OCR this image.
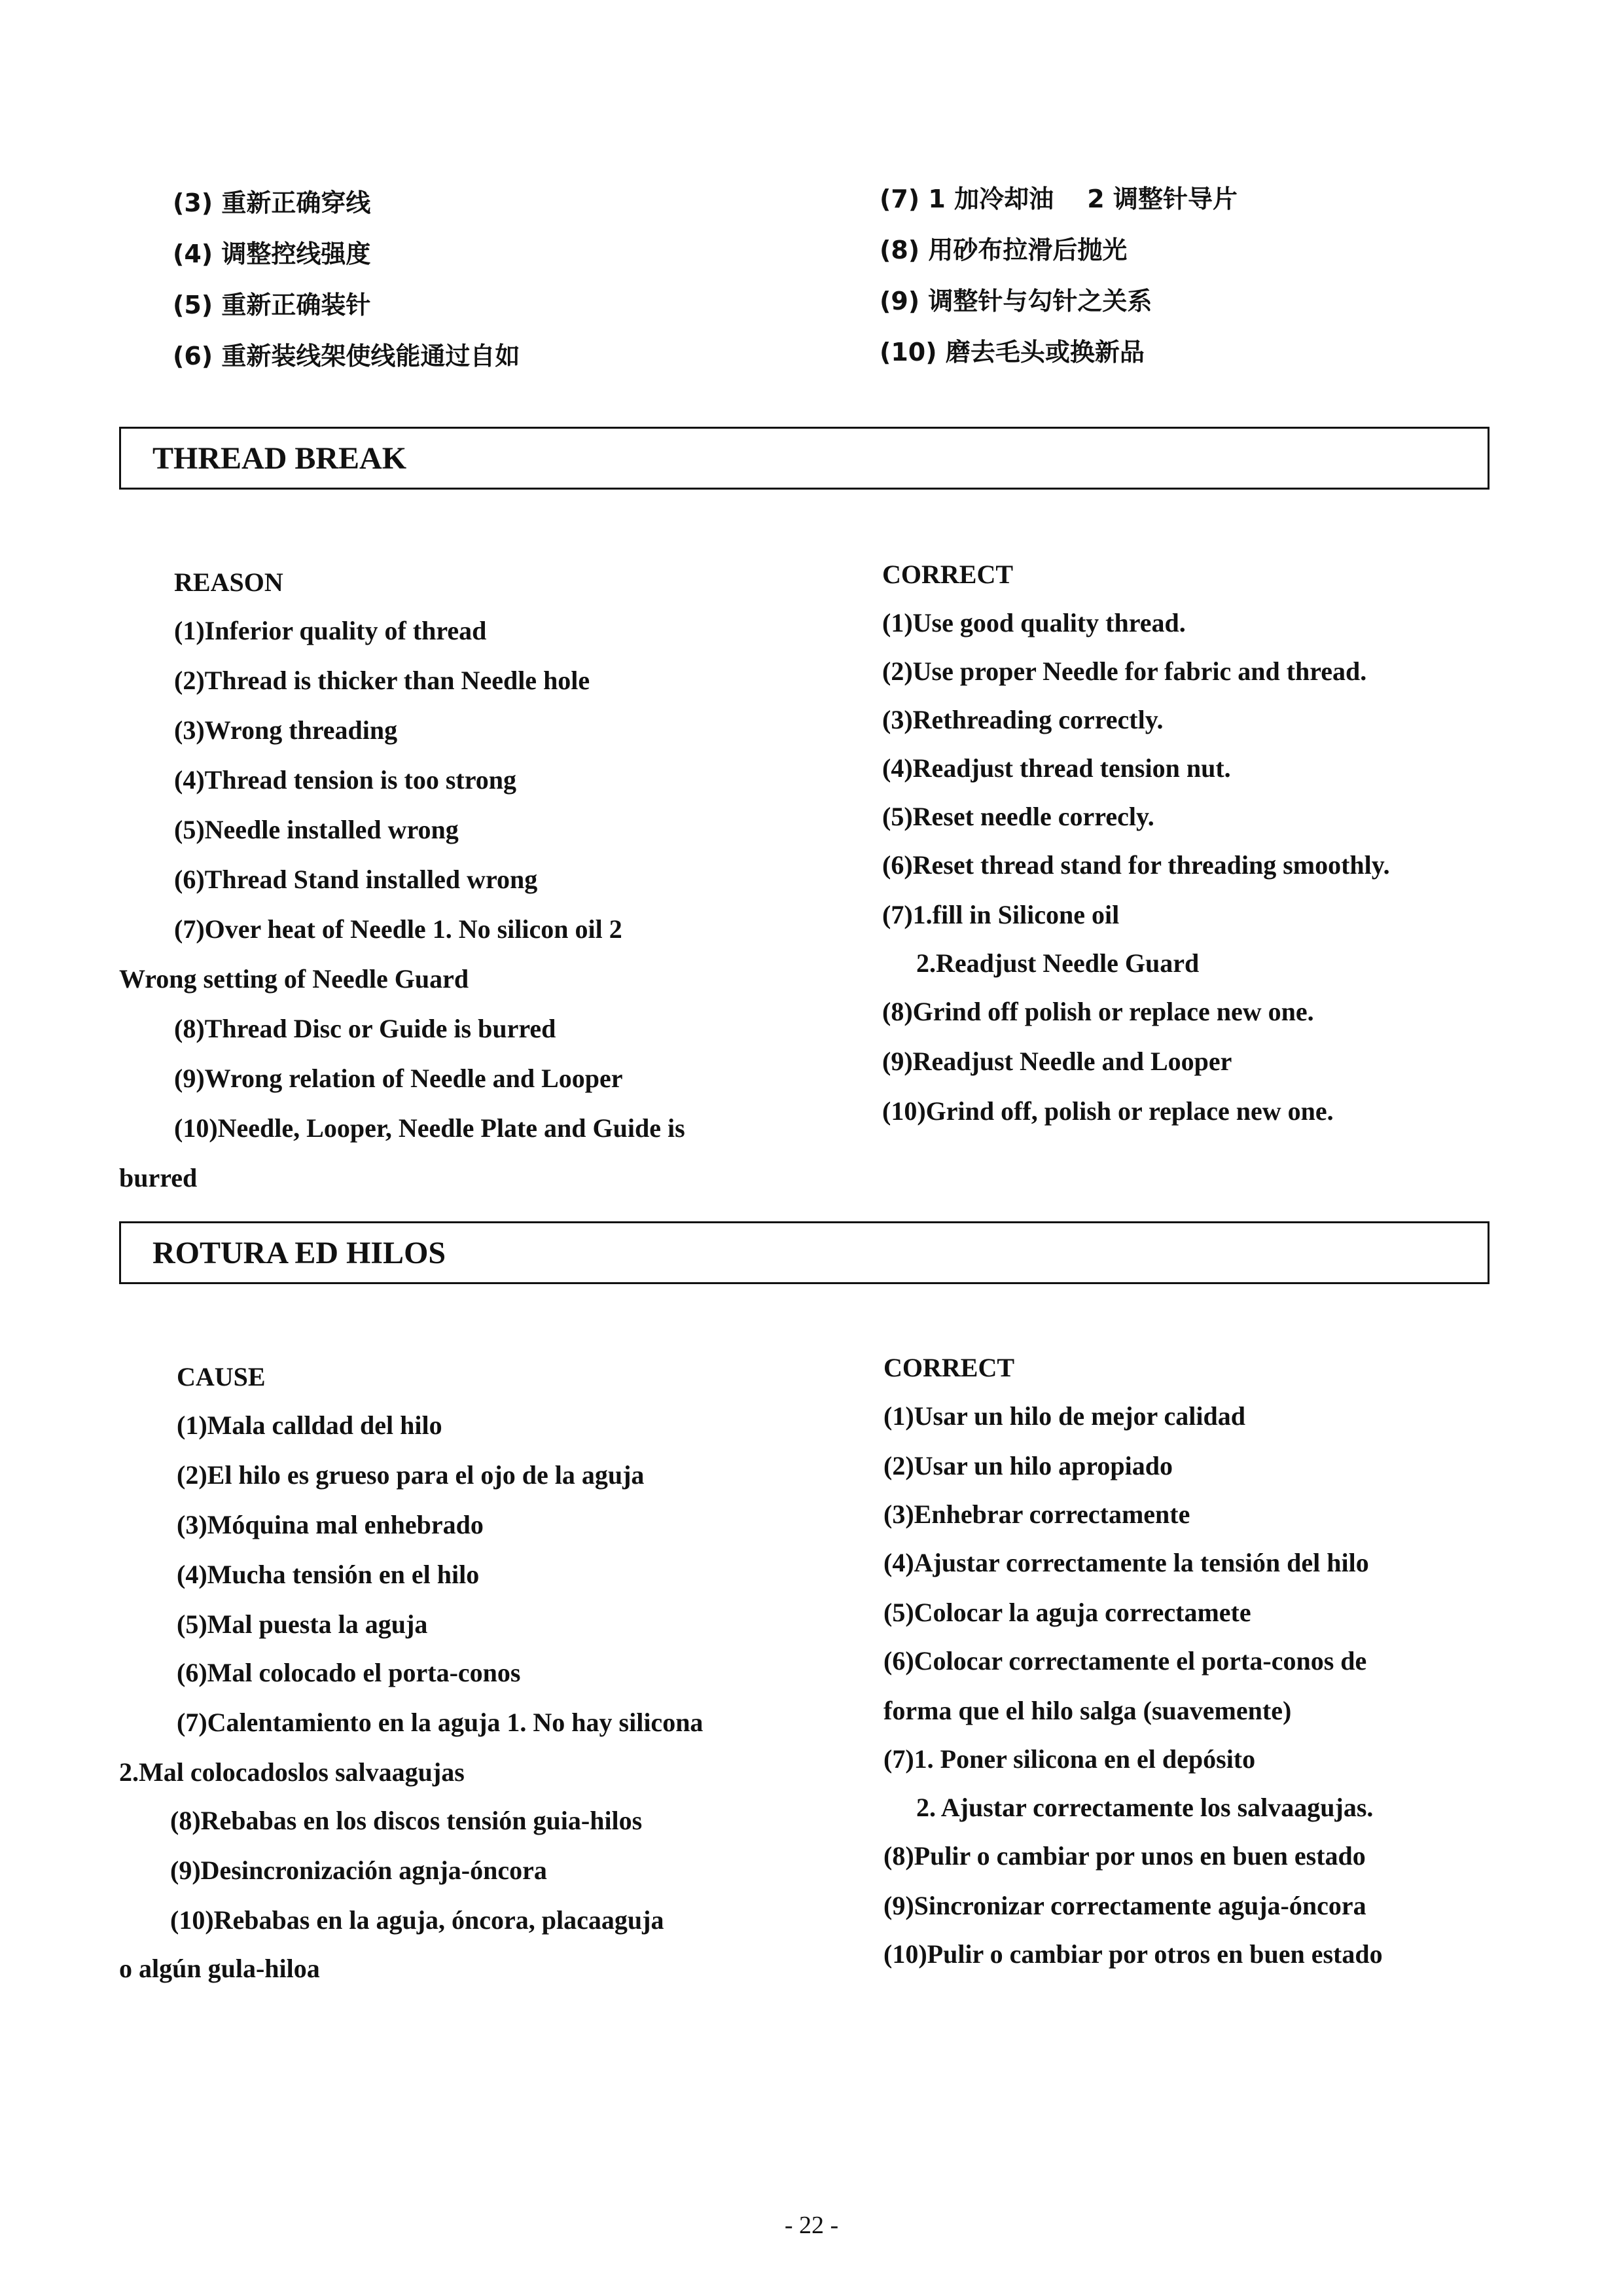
(3) 重新正确穿线
(4) 调整控线强度
(5) 重新正确装针
(6) 重新装线架使线能通过自如
(7) 1 加冷却油　 2 调整针导片
(8) 用砂布拉滑后抛光
(9) 调整针与勾针之关系
(10) 磨去毛头或换新品
THREAD BREAK
REASON
(1)Inferior quality of thread
(2)Thread is thicker than Needle hole
(3)Wrong threading
(4)Thread tension is too strong
(5)Needle installed wrong
(6)Thread Stand installed wrong
(7)Over heat of Needle 1. No silicon oil 2
Wrong setting of Needle Guard
(8)Thread Disc or Guide is burred
(9)Wrong relation of Needle and Looper
(10)Needle, Looper, Needle Plate and Guide is
burred
CORRECT
(1)Use good quality thread.
(2)Use proper Needle for fabric and thread.
(3)Rethreading correctly.
(4)Readjust thread tension nut.
(5)Reset needle correcly.
(6)Reset thread stand for threading smoothly.
(7)1.fill in Silicone oil
2.Readjust Needle Guard
(8)Grind off polish or replace new one.
(9)Readjust Needle and Looper
(10)Grind off, polish or replace new one.
ROTURA ED HILOS
CAUSE
(1)Mala calldad del hilo
(2)El hilo es grueso para el ojo de la aguja
(3)Móquina mal enhebrado
(4)Mucha tensión en el hilo
(5)Mal puesta la aguja
(6)Mal colocado el porta-conos
(7)Calentamiento en la aguja 1. No hay silicona
2.Mal colocadoslos salvaagujas
(8)Rebabas en los discos tensión guia-hilos
(9)Desincronización agnja-óncora
(10)Rebabas en la aguja, óncora, placaaguja
o algún gula-hiloa
CORRECT
(1)Usar un hilo de mejor calidad
(2)Usar un hilo apropiado
(3)Enhebrar correctamente
(4)Ajustar correctamente la tensión del hilo
(5)Colocar la aguja correctamete
(6)Colocar correctamente el porta-conos de
forma que el hilo salga (suavemente)
(7)1. Poner silicona en el depósito
2. Ajustar correctamente los salvaagujas.
(8)Pulir o cambiar por unos en buen estado
(9)Sincronizar correctamente aguja-óncora
(10)Pulir o cambiar por otros en buen estado
- 22 -
